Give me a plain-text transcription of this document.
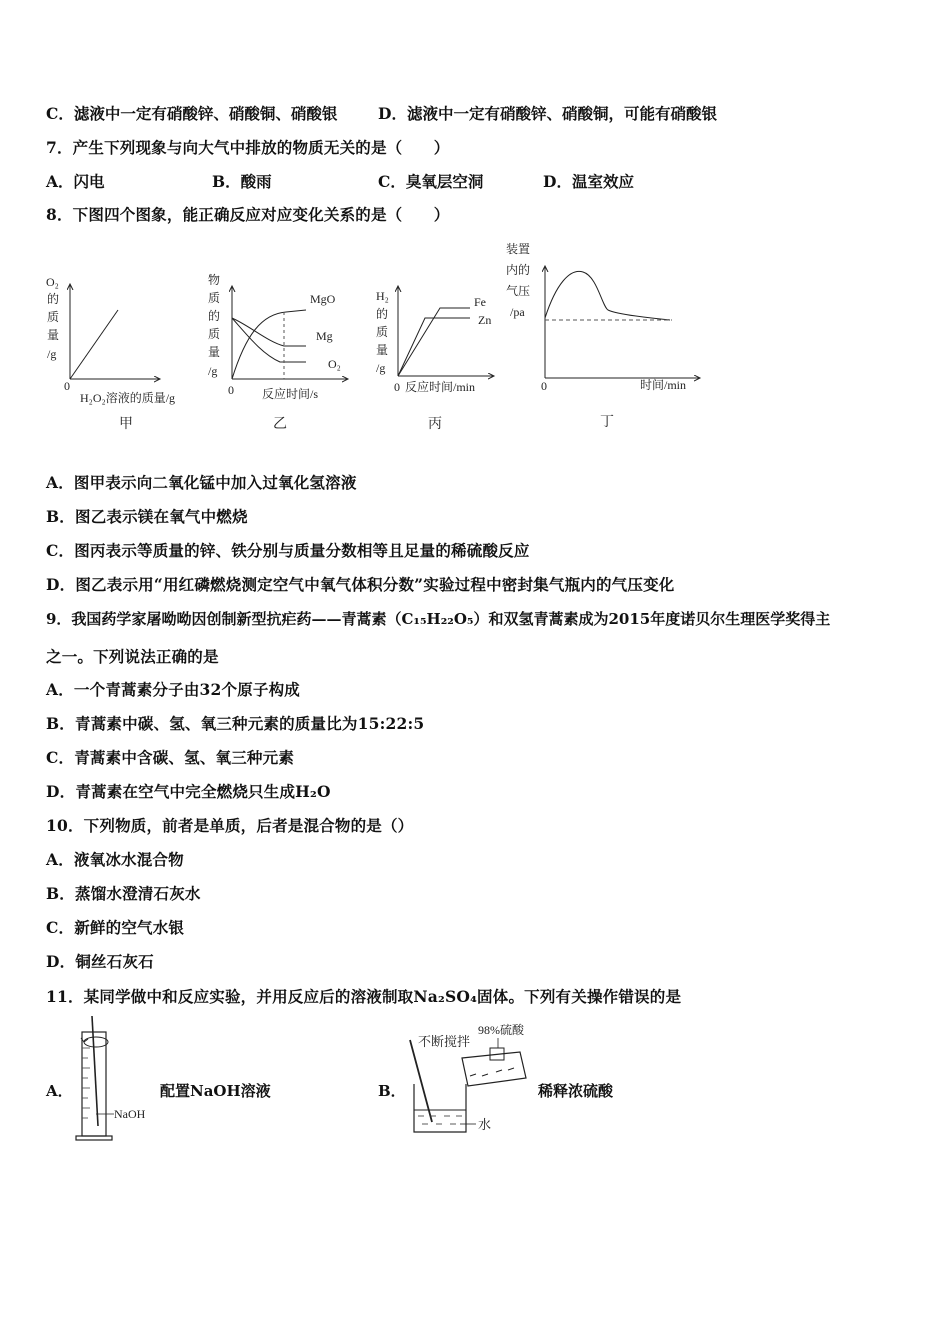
C．滤液中一定有硝酸锌、硝酸铜、硝酸银	D．滤液中一定有硝酸锌、硝酸铜，可能有硝酸银
7．产生下列现象与向大气中排放的物质无关的是（　　）
A．闪电	B．酸雨	C．臭氧层空洞	D．温室效应
8．下图四个图象，能正确反应对应变化关系的是（　　）
O₂
的
质
量
/g
0
H₂O₂溶液的质量/g
甲
物
质
的
质
量
/g
MgO
Mg
O₂
0 反应时间/s
乙
H₂
的
质
量
/g
Fe
Zn
0 反应时间/min
丙
装置
内的
气压
/pa
0	时间/min
丁
A．图甲表示向二氧化锰中加入过氧化氢溶液
B．图乙表示镁在氧气中燃烧
C．图丙表示等质量的锌、铁分别与质量分数相等且足量的稀硫酸反应
D．图乙表示用“用红磷燃烧测定空气中氧气体积分数”实验过程中密封集气瓶内的气压变化
9．我国药学家屠呦呦因创制新型抗疟药——青蒿素（C₁₅H₂₂O₅）和双氢青蒿素成为2015年度诺贝尔生理医学奖得主
之一。下列说法正确的是
A．一个青蒿素分子由32个原子构成
B．青蒿素中碳、氢、氧三种元素的质量比为15:22:5
C．青蒿素中含碳、氢、氧三种元素
D．青蒿素在空气中完全燃烧只生成H₂O
10．下列物质，前者是单质，后者是混合物的是（）
A．液氧冰水混合物
B．蒸馏水澄清石灰水
C．新鲜的空气水银
D．铜丝石灰石
11．某同学做中和反应实验，并用反应后的溶液制取Na₂SO₄固体。下列有关操作错误的是
A．	配置NaOH溶液	B．	稀释浓硫酸
NaOH
不断搅拌
98%硫酸
水
